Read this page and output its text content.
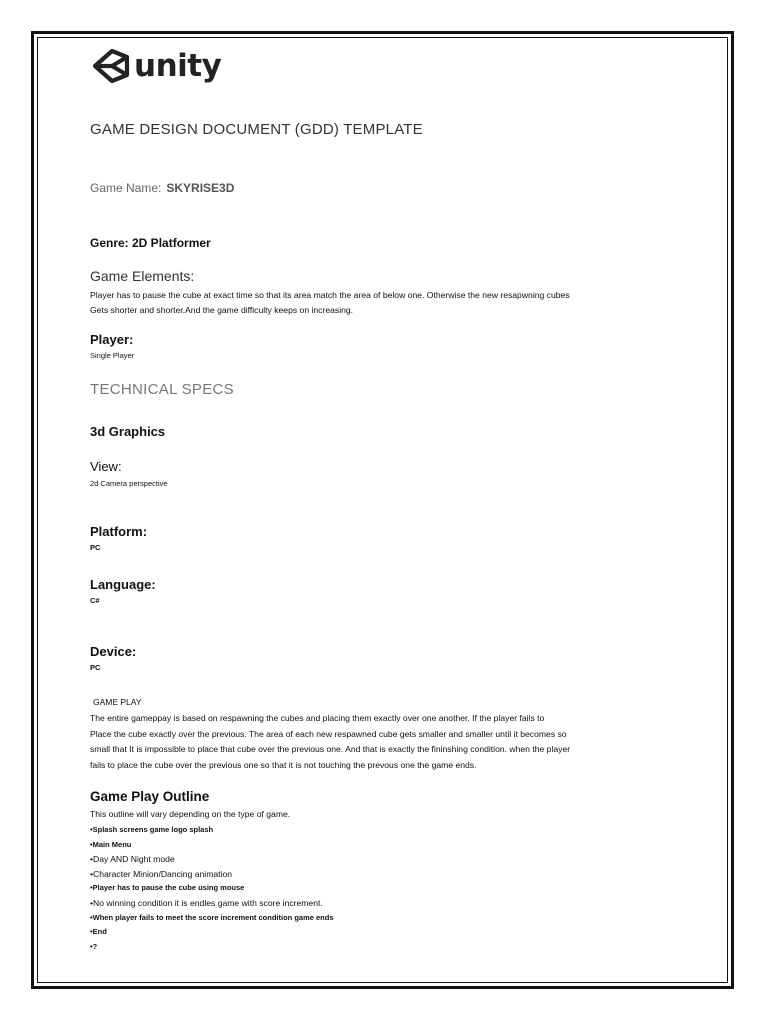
unity
GAME DESIGN DOCUMENT (GDD) TEMPLATE
Game Name: SKYRISE3D
Genre: 2D Platformer
Game Elements:
Player has to pause the cube at exact time so that its area match the area of below one. Otherwise the new resapwning cubes
Gets shorter and shorter.And the game difficulty keeps on increasing.
Player:
Single Player
TECHNICAL SPECS
3d Graphics
View:
2d Camera perspective
Platform:
PC
Language:
C#
Device:
PC
GAME PLAY
The entire gameppay is based on respawning the cubes and placing them exactly over one another. If the player fails to
Place the cube exactly over the previous. The area of each new respawned cube gets smaller and smaller until it becomes so
small that It is impossible to place that cube over the previous one. And that is exactly the fininshing condition. when the player
fails to place the cube over the previous one so that it is not touching the prevous one the game ends.
Game Play Outline
This outline will vary depending on the type of game.
•Splash screens game logo splash
•Main Menu
•Day AND Night mode
•Character Minion/Dancing animation
•Player has to pause the cube using mouse
•No winning condition it is endles game with score increment.
•When player fails to meet the score increment condition game ends
•End
•?
